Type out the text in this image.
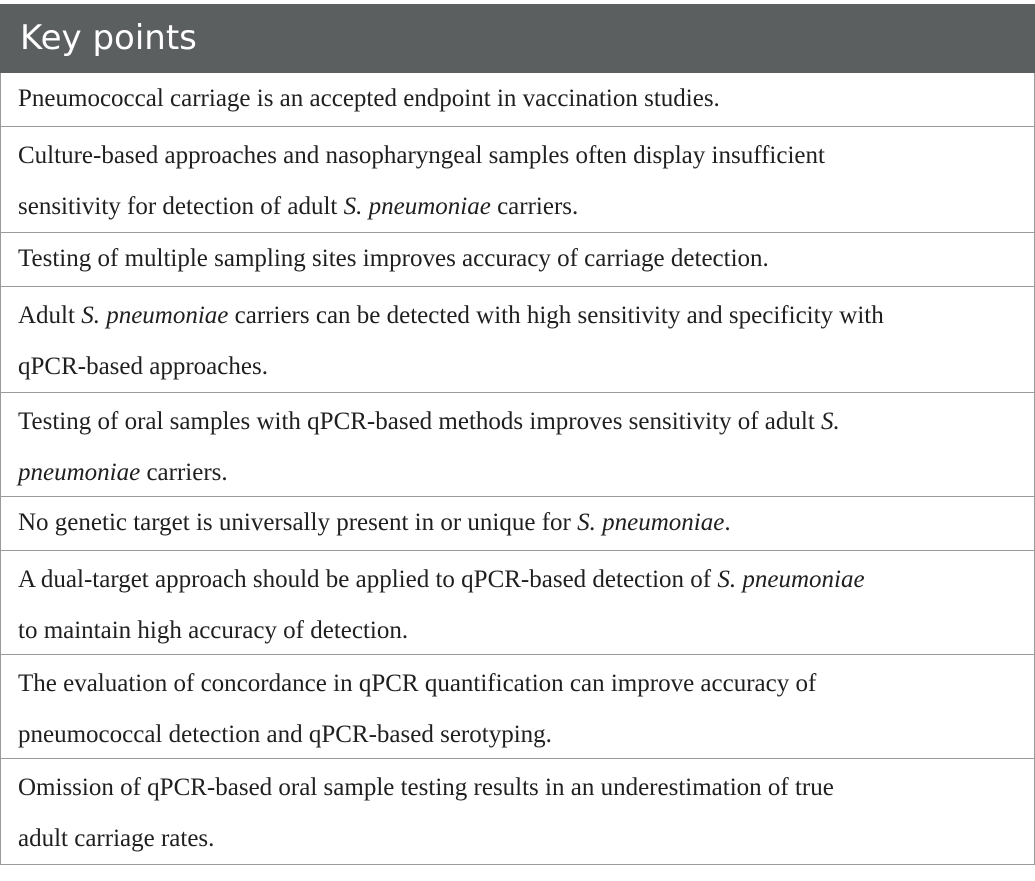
Key points
Pneumococcal carriage is an accepted endpoint in vaccination studies.
Culture-based approaches and nasopharyngeal samples often display insufficient
sensitivity for detection of adult S. pneumoniae carriers.
Testing of multiple sampling sites improves accuracy of carriage detection.
Adult S. pneumoniae carriers can be detected with high sensitivity and specificity with
qPCR-based approaches.
Testing of oral samples with qPCR-based methods improves sensitivity of adult S.
pneumoniae carriers.
No genetic target is universally present in or unique for S. pneumoniae.
A dual-target approach should be applied to qPCR-based detection of S. pneumoniae
to maintain high accuracy of detection.
The evaluation of concordance in qPCR quantification can improve accuracy of
pneumococcal detection and qPCR-based serotyping.
Omission of qPCR-based oral sample testing results in an underestimation of true
adult carriage rates.
